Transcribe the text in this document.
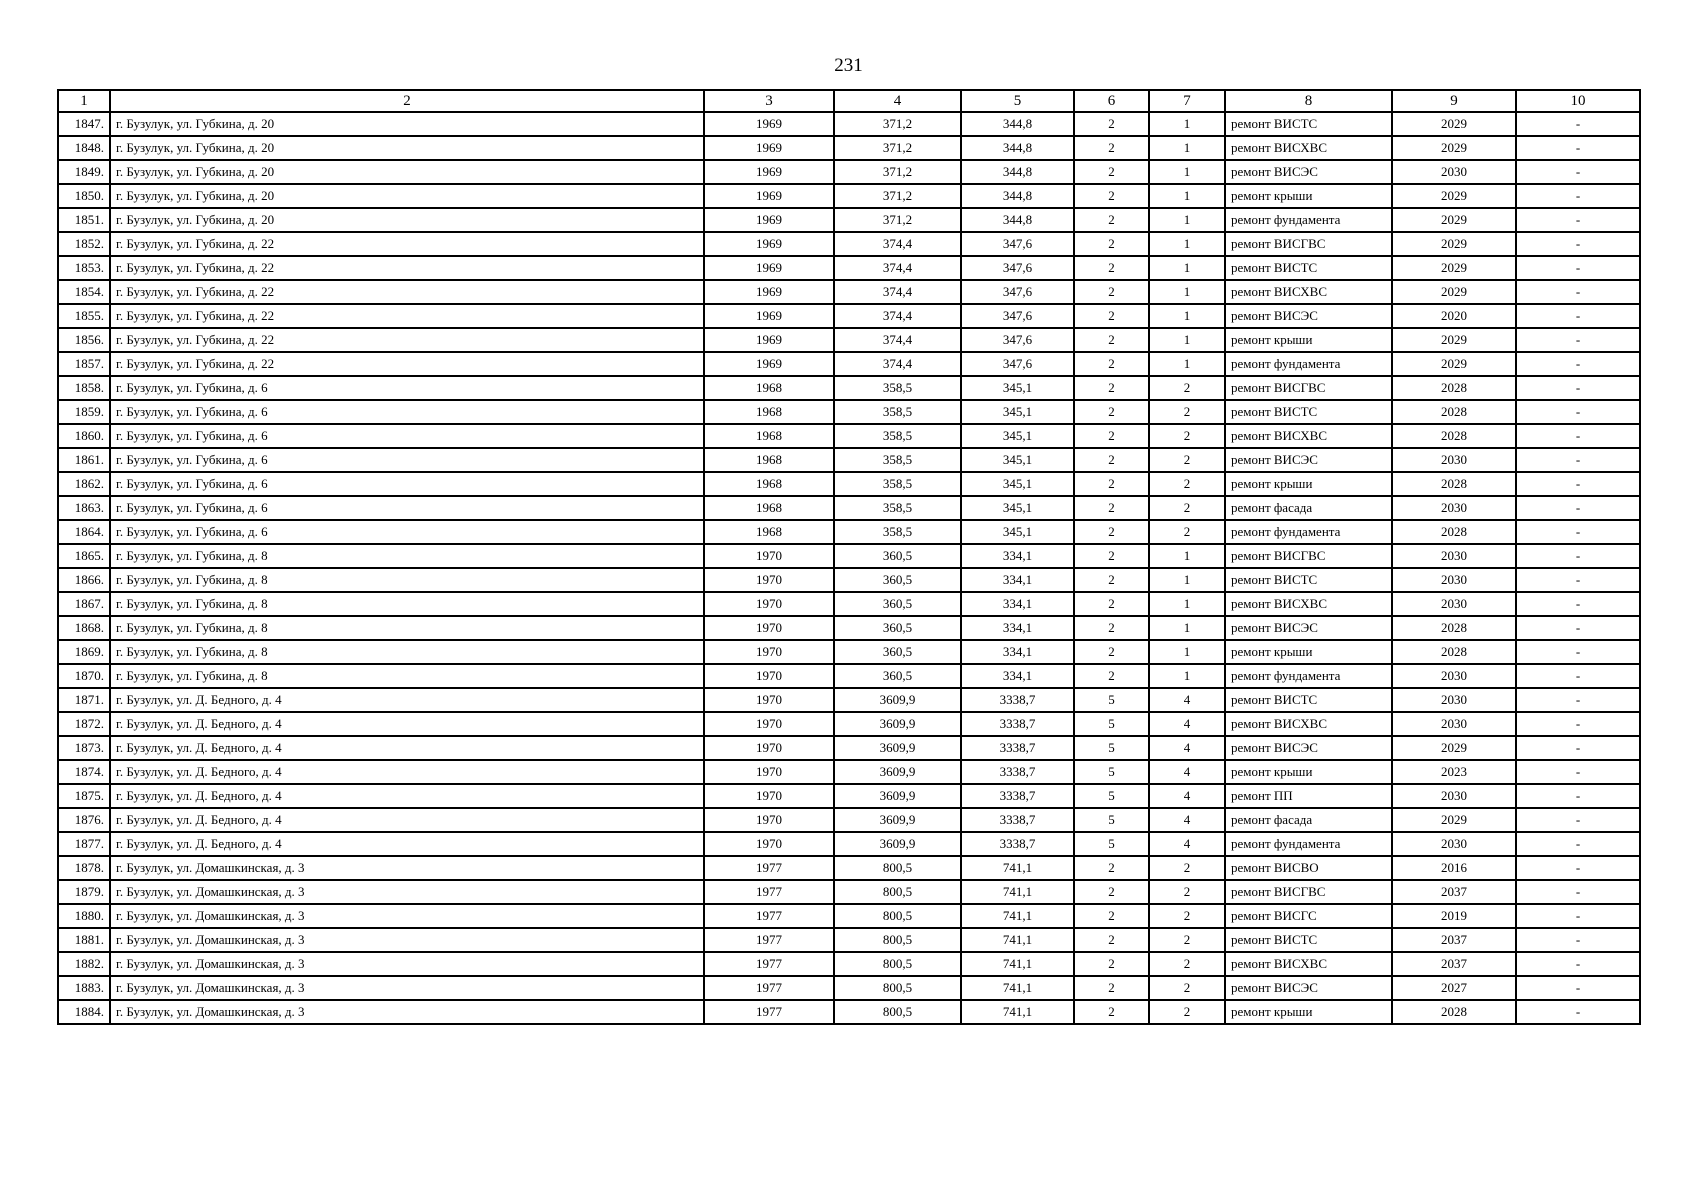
231
1	2	3	4	5	6	7	8	9	10
1847.	г. Бузулук, ул. Губкина, д. 20	1969	371,2	344,8	2	1	ремонт ВИСТС	2029	-
1848.	г. Бузулук, ул. Губкина, д. 20	1969	371,2	344,8	2	1	ремонт ВИСХВС	2029	-
1849.	г. Бузулук, ул. Губкина, д. 20	1969	371,2	344,8	2	1	ремонт ВИСЭС	2030	-
1850.	г. Бузулук, ул. Губкина, д. 20	1969	371,2	344,8	2	1	ремонт крыши	2029	-
1851.	г. Бузулук, ул. Губкина, д. 20	1969	371,2	344,8	2	1	ремонт фундамента	2029	-
1852.	г. Бузулук, ул. Губкина, д. 22	1969	374,4	347,6	2	1	ремонт ВИСГВС	2029	-
1853.	г. Бузулук, ул. Губкина, д. 22	1969	374,4	347,6	2	1	ремонт ВИСТС	2029	-
1854.	г. Бузулук, ул. Губкина, д. 22	1969	374,4	347,6	2	1	ремонт ВИСХВС	2029	-
1855.	г. Бузулук, ул. Губкина, д. 22	1969	374,4	347,6	2	1	ремонт ВИСЭС	2020	-
1856.	г. Бузулук, ул. Губкина, д. 22	1969	374,4	347,6	2	1	ремонт крыши	2029	-
1857.	г. Бузулук, ул. Губкина, д. 22	1969	374,4	347,6	2	1	ремонт фундамента	2029	-
1858.	г. Бузулук, ул. Губкина, д. 6	1968	358,5	345,1	2	2	ремонт ВИСГВС	2028	-
1859.	г. Бузулук, ул. Губкина, д. 6	1968	358,5	345,1	2	2	ремонт ВИСТС	2028	-
1860.	г. Бузулук, ул. Губкина, д. 6	1968	358,5	345,1	2	2	ремонт ВИСХВС	2028	-
1861.	г. Бузулук, ул. Губкина, д. 6	1968	358,5	345,1	2	2	ремонт ВИСЭС	2030	-
1862.	г. Бузулук, ул. Губкина, д. 6	1968	358,5	345,1	2	2	ремонт крыши	2028	-
1863.	г. Бузулук, ул. Губкина, д. 6	1968	358,5	345,1	2	2	ремонт фасада	2030	-
1864.	г. Бузулук, ул. Губкина, д. 6	1968	358,5	345,1	2	2	ремонт фундамента	2028	-
1865.	г. Бузулук, ул. Губкина, д. 8	1970	360,5	334,1	2	1	ремонт ВИСГВС	2030	-
1866.	г. Бузулук, ул. Губкина, д. 8	1970	360,5	334,1	2	1	ремонт ВИСТС	2030	-
1867.	г. Бузулук, ул. Губкина, д. 8	1970	360,5	334,1	2	1	ремонт ВИСХВС	2030	-
1868.	г. Бузулук, ул. Губкина, д. 8	1970	360,5	334,1	2	1	ремонт ВИСЭС	2028	-
1869.	г. Бузулук, ул. Губкина, д. 8	1970	360,5	334,1	2	1	ремонт крыши	2028	-
1870.	г. Бузулук, ул. Губкина, д. 8	1970	360,5	334,1	2	1	ремонт фундамента	2030	-
1871.	г. Бузулук, ул. Д. Бедного, д. 4	1970	3609,9	3338,7	5	4	ремонт ВИСТС	2030	-
1872.	г. Бузулук, ул. Д. Бедного, д. 4	1970	3609,9	3338,7	5	4	ремонт ВИСХВС	2030	-
1873.	г. Бузулук, ул. Д. Бедного, д. 4	1970	3609,9	3338,7	5	4	ремонт ВИСЭС	2029	-
1874.	г. Бузулук, ул. Д. Бедного, д. 4	1970	3609,9	3338,7	5	4	ремонт крыши	2023	-
1875.	г. Бузулук, ул. Д. Бедного, д. 4	1970	3609,9	3338,7	5	4	ремонт ПП	2030	-
1876.	г. Бузулук, ул. Д. Бедного, д. 4	1970	3609,9	3338,7	5	4	ремонт фасада	2029	-
1877.	г. Бузулук, ул. Д. Бедного, д. 4	1970	3609,9	3338,7	5	4	ремонт фундамента	2030	-
1878.	г. Бузулук, ул. Домашкинская, д. 3	1977	800,5	741,1	2	2	ремонт ВИСВО	2016	-
1879.	г. Бузулук, ул. Домашкинская, д. 3	1977	800,5	741,1	2	2	ремонт ВИСГВС	2037	-
1880.	г. Бузулук, ул. Домашкинская, д. 3	1977	800,5	741,1	2	2	ремонт ВИСГС	2019	-
1881.	г. Бузулук, ул. Домашкинская, д. 3	1977	800,5	741,1	2	2	ремонт ВИСТС	2037	-
1882.	г. Бузулук, ул. Домашкинская, д. 3	1977	800,5	741,1	2	2	ремонт ВИСХВС	2037	-
1883.	г. Бузулук, ул. Домашкинская, д. 3	1977	800,5	741,1	2	2	ремонт ВИСЭС	2027	-
1884.	г. Бузулук, ул. Домашкинская, д. 3	1977	800,5	741,1	2	2	ремонт крыши	2028	-
